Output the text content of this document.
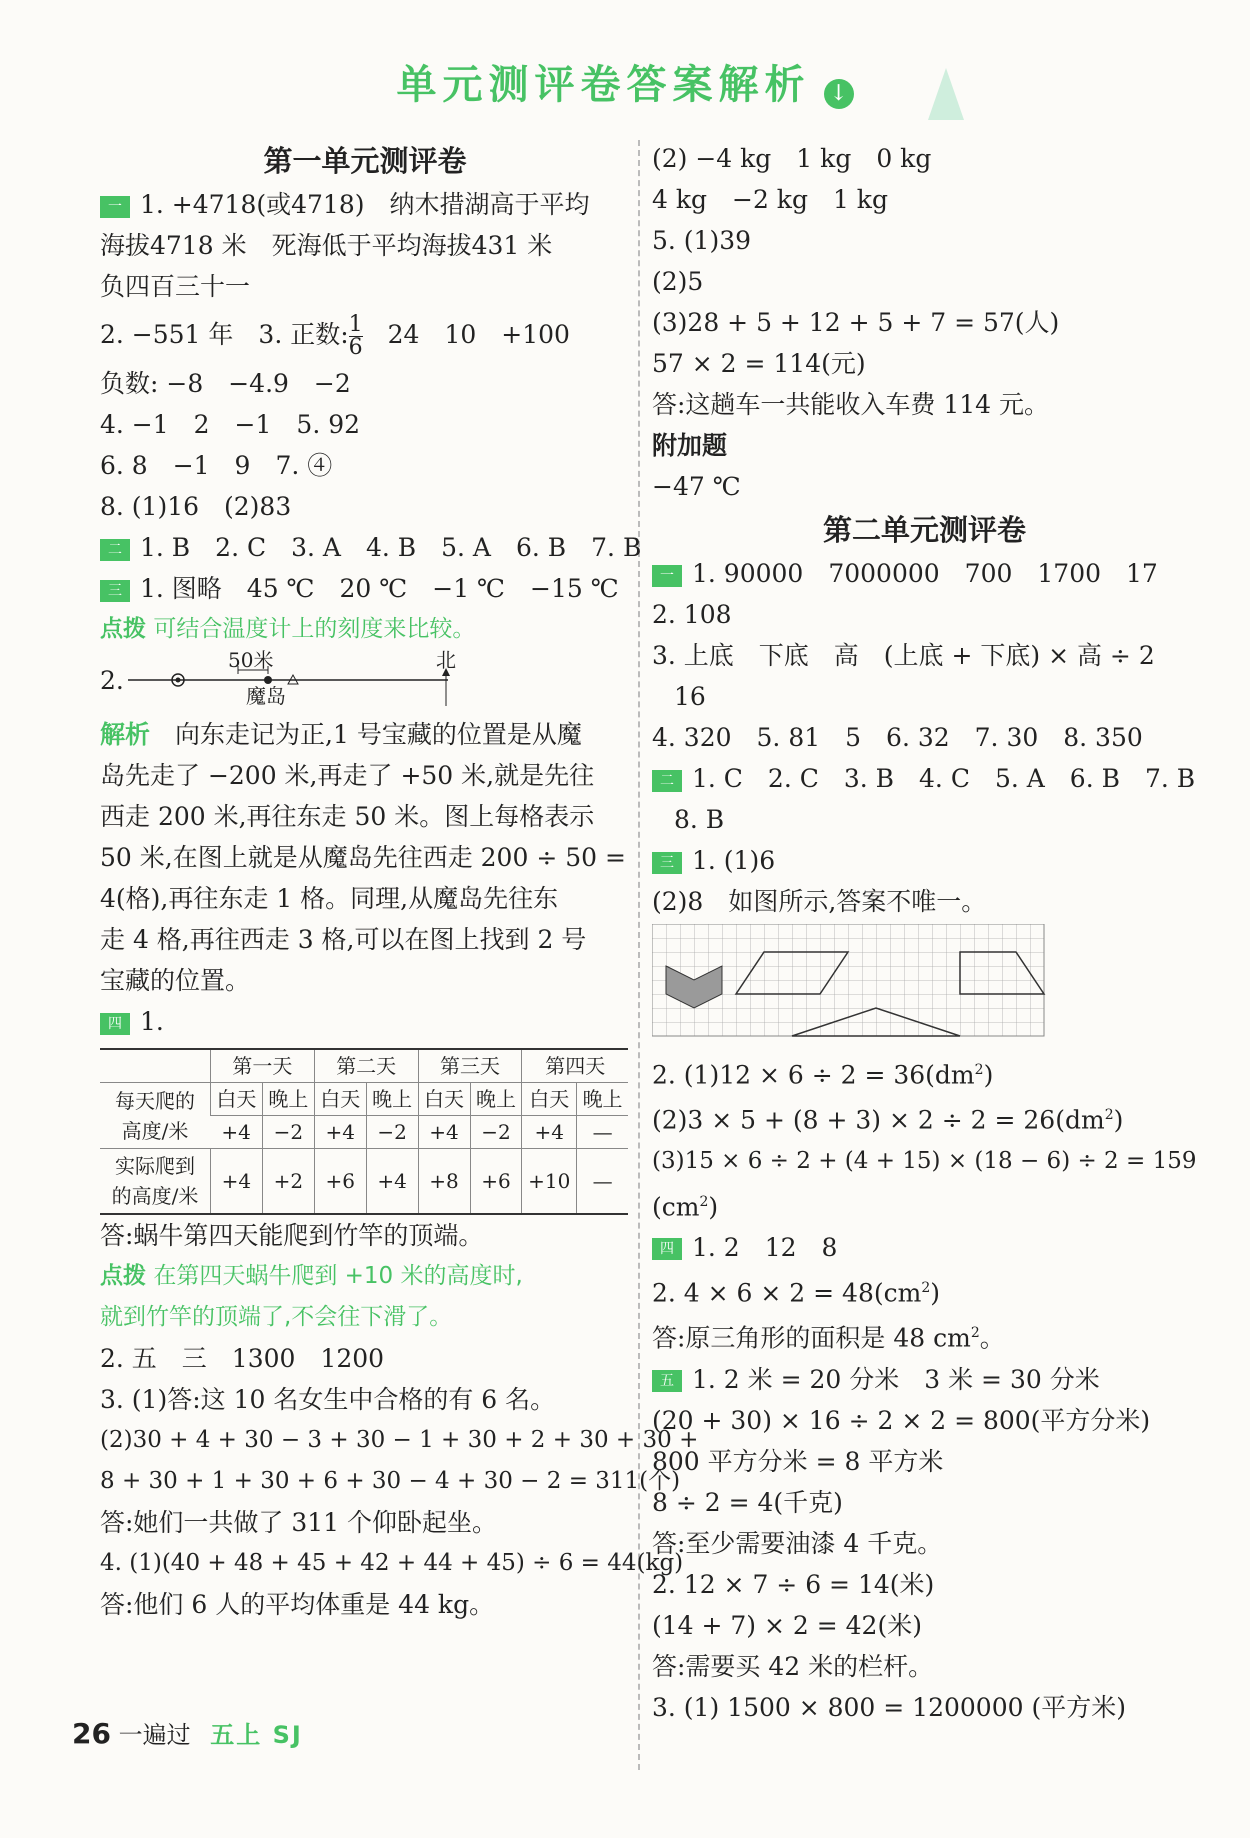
单元测评卷答案解析 ↓
第一单元测评卷
一 1. +4718(或4718)　纳木措湖高于平均
海拔4718 米　死海低于平均海拔431 米
负四百三十一
2. −551 年　3. 正数: $\frac{1}{6}$ 　24　10　+100
负数: −8　−4.9　−2
4. −1　2　−1　5. 92
6. 8　−1　9　7. ④
8. (1)16　(2)83
二 1. B　2. C　3. A　4. B　5. A　6. B　7. B
三 1. 图略　45 ℃　20 ℃　−1 ℃　−15 ℃
点拨 可结合温度计上的刻度来比较。
2.
50米
魔岛
北
解析　向东走记为正,1 号宝藏的位置是从魔
岛先走了 −200 米,再走了 +50 米,就是先往
西走 200 米,再往东走 50 米。图上每格表示
50 米,在图上就是从魔岛先往西走 200 ÷ 50 =
4(格),再往东走 1 格。同理,从魔岛先往东
走 4 格,再往西走 3 格,可以在图上找到 2 号
宝藏的位置。
四 1.
	第一天		第二天		第三天		第四天	
每天爬的
高度/米	白天	晚上	白天	晚上	白天	晚上	白天	晚上
	+4	−2	+4	−2	+4	−2	+4	—
实际爬到
的高度/米	+4	+2	+6	+4	+8	+6	+10	—
答:蜗牛第四天能爬到竹竿的顶端。
点拨 在第四天蜗牛爬到 +10 米的高度时,
就到竹竿的顶端了,不会往下滑了。
2. 五　三　1300　1200
3. (1)答:这 10 名女生中合格的有 6 名。
(2)30 + 4 + 30 − 3 + 30 − 1 + 30 + 2 + 30 + 30 +
8 + 30 + 1 + 30 + 6 + 30 − 4 + 30 − 2 = 311(个)
答:她们一共做了 311 个仰卧起坐。
4. (1)(40 + 48 + 45 + 42 + 44 + 45) ÷ 6 = 44(kg)
答:他们 6 人的平均体重是 44 kg。
(2) −4 kg　1 kg　0 kg
4 kg　−2 kg　1 kg
5. (1)39
(2)5
(3)28 + 5 + 12 + 5 + 7 = 57(人)
57 × 2 = 114(元)
答:这趟车一共能收入车费 114 元。
附加题
−47 ℃
第二单元测评卷
一 1. 90000　7000000　700　1700　17
2. 108
3. 上底　下底　高　(上底 + 下底) × 高 ÷ 2
16
4. 320　5. 81　5　6. 32　7. 30　8. 350
二 1. C　2. C　3. B　4. C　5. A　6. B　7. B
8. B
三 1. (1)6
(2)8　如图所示,答案不唯一。
2. $(1)12 \times 6 \div 2 = 36(dm^2)$
$(2)3 \times 5 + (8 + 3) \times 2 \div 2 = 26(dm^2)$
(3)15 × 6 ÷ 2 + (4 + 15) × (18 − 6) ÷ 2 = 159
$(cm^2)$
四 1. 2　12　8
2. $4 \times 6 \times 2 = 48(cm^2)$
答:原三角形的面积是 48 $cm^2$。
五 1. 2 米 = 20 分米　3 米 = 30 分米
(20 + 30) × 16 ÷ 2 × 2 = 800(平方分米)
800 平方分米 = 8 平方米
8 ÷ 2 = 4(千克)
答:至少需要油漆 4 千克。
2. 12 × 7 ÷ 6 = 14(米)
(14 + 7) × 2 = 42(米)
答:需要买 42 米的栏杆。
3. (1) 1500 × 800 = 1200000 (平方米)
26 一遍过 五上 SJ
